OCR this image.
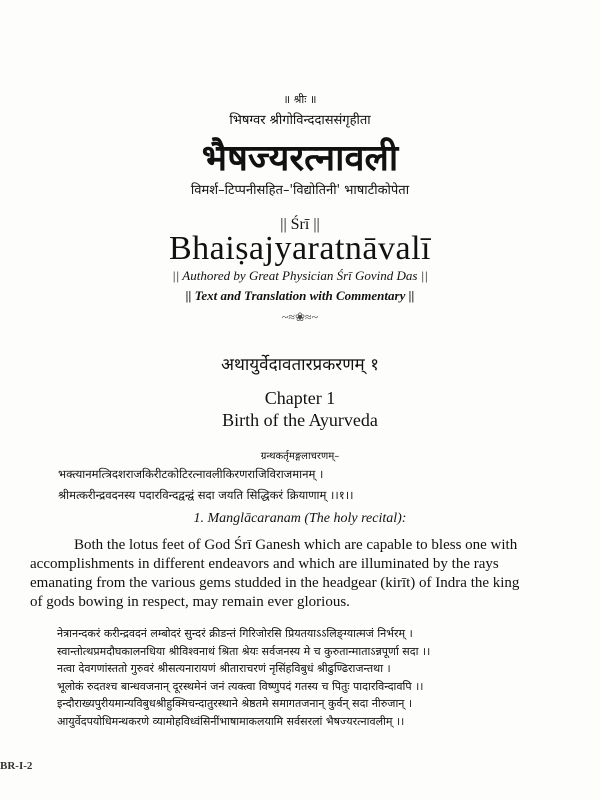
॥ श्रीः ॥
भिषग्वर श्रीगोविन्ददाससंगृहीता
भैषज्यरत्नावली
विमर्श–टिप्पनीसहित–'विद्योतिनी' भाषाटीकोपेता
|| Śrī ||
Bhaiṣajyaratnāvalī
|| Authored by Great Physician Śrī Govind Das ||
|| Text and Translation with Commentary ||
~≈❀≈~
अथायुर्वेदावतारप्रकरणम् १
Chapter 1
Birth of the Ayurveda
ग्रन्थकर्तृमङ्गलाचरणम्–
भक्त्यानमत्त्रिदशराजकिरीटकोटिरत्नावलीकिरणराजिविराजमानम् ।
श्रीमत्करीन्द्रवदनस्य पदारविन्दद्वन्द्वं सदा जयति सिद्धिकरं क्रियाणाम् ।।१।।
1. Manglācaranam (The holy recital):
Both the lotus feet of God Śrī Ganesh which are capable to bless one with
accomplishments in different endeavors and which are illuminated by the rays
emanating from the various gems studded in the headgear (kirīt) of Indra the king
of gods bowing in respect, may remain ever glorious.
नेत्रानन्दकरं करीन्द्रवदनं लम्बोदरं सुन्दरं क्रीडन्तं गिरिजोरसि प्रियतयाऽऽलिङ्ग्यात्मजं निर्भरम् ।
स्वान्तोत्थप्रमदौघकालनधिया श्रीविश्वनाथं श्रिता श्रेयः सर्वजनस्य मे च कुरुतान्माताऽन्नपूर्णा सदा ।।
नत्वा देवगणांस्ततो गुरुवरं श्रीसत्यनारायणं श्रीताराचरणं नृसिंहविबुधं श्रीढुण्ढिराजन्तथा ।
भूलोकं रुदतश्च बान्धवजनान् दूरस्थमेनं जनं त्यक्त्वा विष्णुपदं गतस्य च पितुः पादारविन्दावपि ।।
इन्दौराख्यपुरीयमान्यविबुधश्रीहुक्मिचन्दातुरस्थाने श्रेष्ठतमे समागतजनान् कुर्वन् सदा नीरुजान् ।
आयुर्वेदपयोधिमन्थकरणे व्यामोहविध्वंसिनींभाषामाकलयामि सर्वसरलां भैषज्यरत्नावलीम् ।।
BR-I-2
